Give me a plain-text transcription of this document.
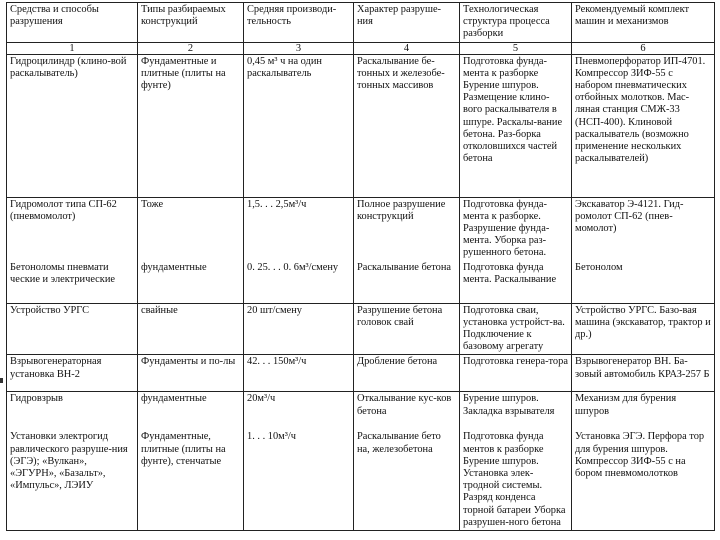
Средства и способы разрушения	Типы разбираемых конструкций	Средняя производи-тельность	Характер разруше-ния	Технологическая структура процесса разборки	Рекомендуемый комплект машин и механизмов
1	2	3	4	5	6
Гидроцилиндр (клино-вой раскалыватель)	Фундаментные и плитные (плиты на фунте)	0,45 м³ ч на один раскалыватель	Раскалывание бе-тонных и железобе-тонных массивов	Подготовка фунда-мента к разборке Бурение шпуров. Размещение клино-вого раскалывателя в шпуре. Раскалы-вание бетона. Раз-борка отколовшихся частей бетона	Пневмоперфоратор ИП-4701. Компрессор ЗИФ-55 с набором пневматических отбойных молотков. Мас-ляная станция СМЖ-33 (НСП-400). Клиновой раскалыватель (возможно применение нескольких раскалывателей)
Гидромолот типа СП-62 (пневмомолот)	Тоже	1,5. . . 2,5м³/ч	Полное разрушение конструкций	Подготовка фунда-мента к разборке. Разрушение фунда-мента. Уборка раз-рушенного бетона.	Экскаватор Э-4121. Гид-ромолот СП-62 (пнев-момолот)
Бетоноломы пневмати ческие и электрические	фундаментные	0. 25. . . 0. 6м³/смену	Раскалывание бетона	Подготовка фунда мента. Раскалывание	Бетонолом
Устройство УРГС	свайные	20 шт/смену	Разрушение бетона головок свай	Подготовка сваи, установка устройст-ва. Подключение к базовому агрегату	Устройство УРГС. Базо-вая машина (экскаватор, трактор и др.)
Взрывогенераторная установка ВН-2	Фундаменты и по-лы	42. . . 150м³/ч	Дробление бетона	Подготовка генера-тора	Взрывогенератор ВН. Ба-зовый автомобиль КРАЗ-257 Б
Гидровзрыв	фундаментные	20м³/ч	Откалывание кус-ков бетона	Бурение шпуров. Закладка взрывателя	Механизм для бурения шпуров
Установки электрогид равлического разруше-ния (ЭГЭ); «Вулкан», «ЭГУРН», «Базальт», «Импульс», ЛЭИУ	Фундаментные, плитные (плиты на фунте), стенчатые	1. . . 10м³/ч	Раскалывание бето на, железобетона	Подготовка фунда ментов к разборке Бурение шпуров. Установка элек-тродной системы. Разряд конденса торной батареи Уборка разрушен-ного бетона	Установка ЭГЭ. Перфора тор для бурения шпуров. Компрессор ЗИФ-55 с на бором пневмомолотков
